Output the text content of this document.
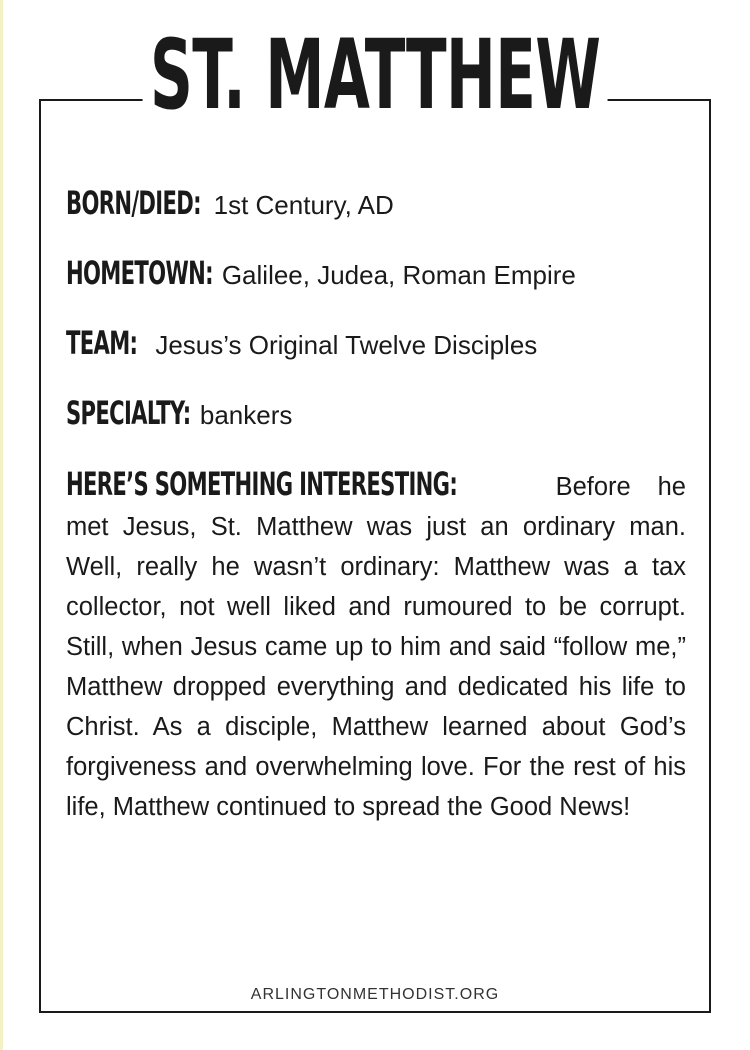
ST. MATTHEW
BORN/DIED: 1st Century, AD
HOMETOWN: Galilee, Judea, Roman Empire
TEAM: Jesus’s Original Twelve Disciples
SPECIALTY: bankers
HERE’S SOMETHING INTERESTING:	Before he met Jesus, St. Matthew was just an ordinary man. Well, really he wasn’t ordinary: Matthew was a tax collector, not well liked and rumoured to be corrupt. Still, when Jesus came up to him and said “follow me,” Matthew dropped everything and dedicated his life to Christ. As a disciple, Matthew learned about God’s forgiveness and overwhelming love. For the rest of his life, Matthew continued to spread the Good News!
ARLINGTONMETHODIST.ORG
